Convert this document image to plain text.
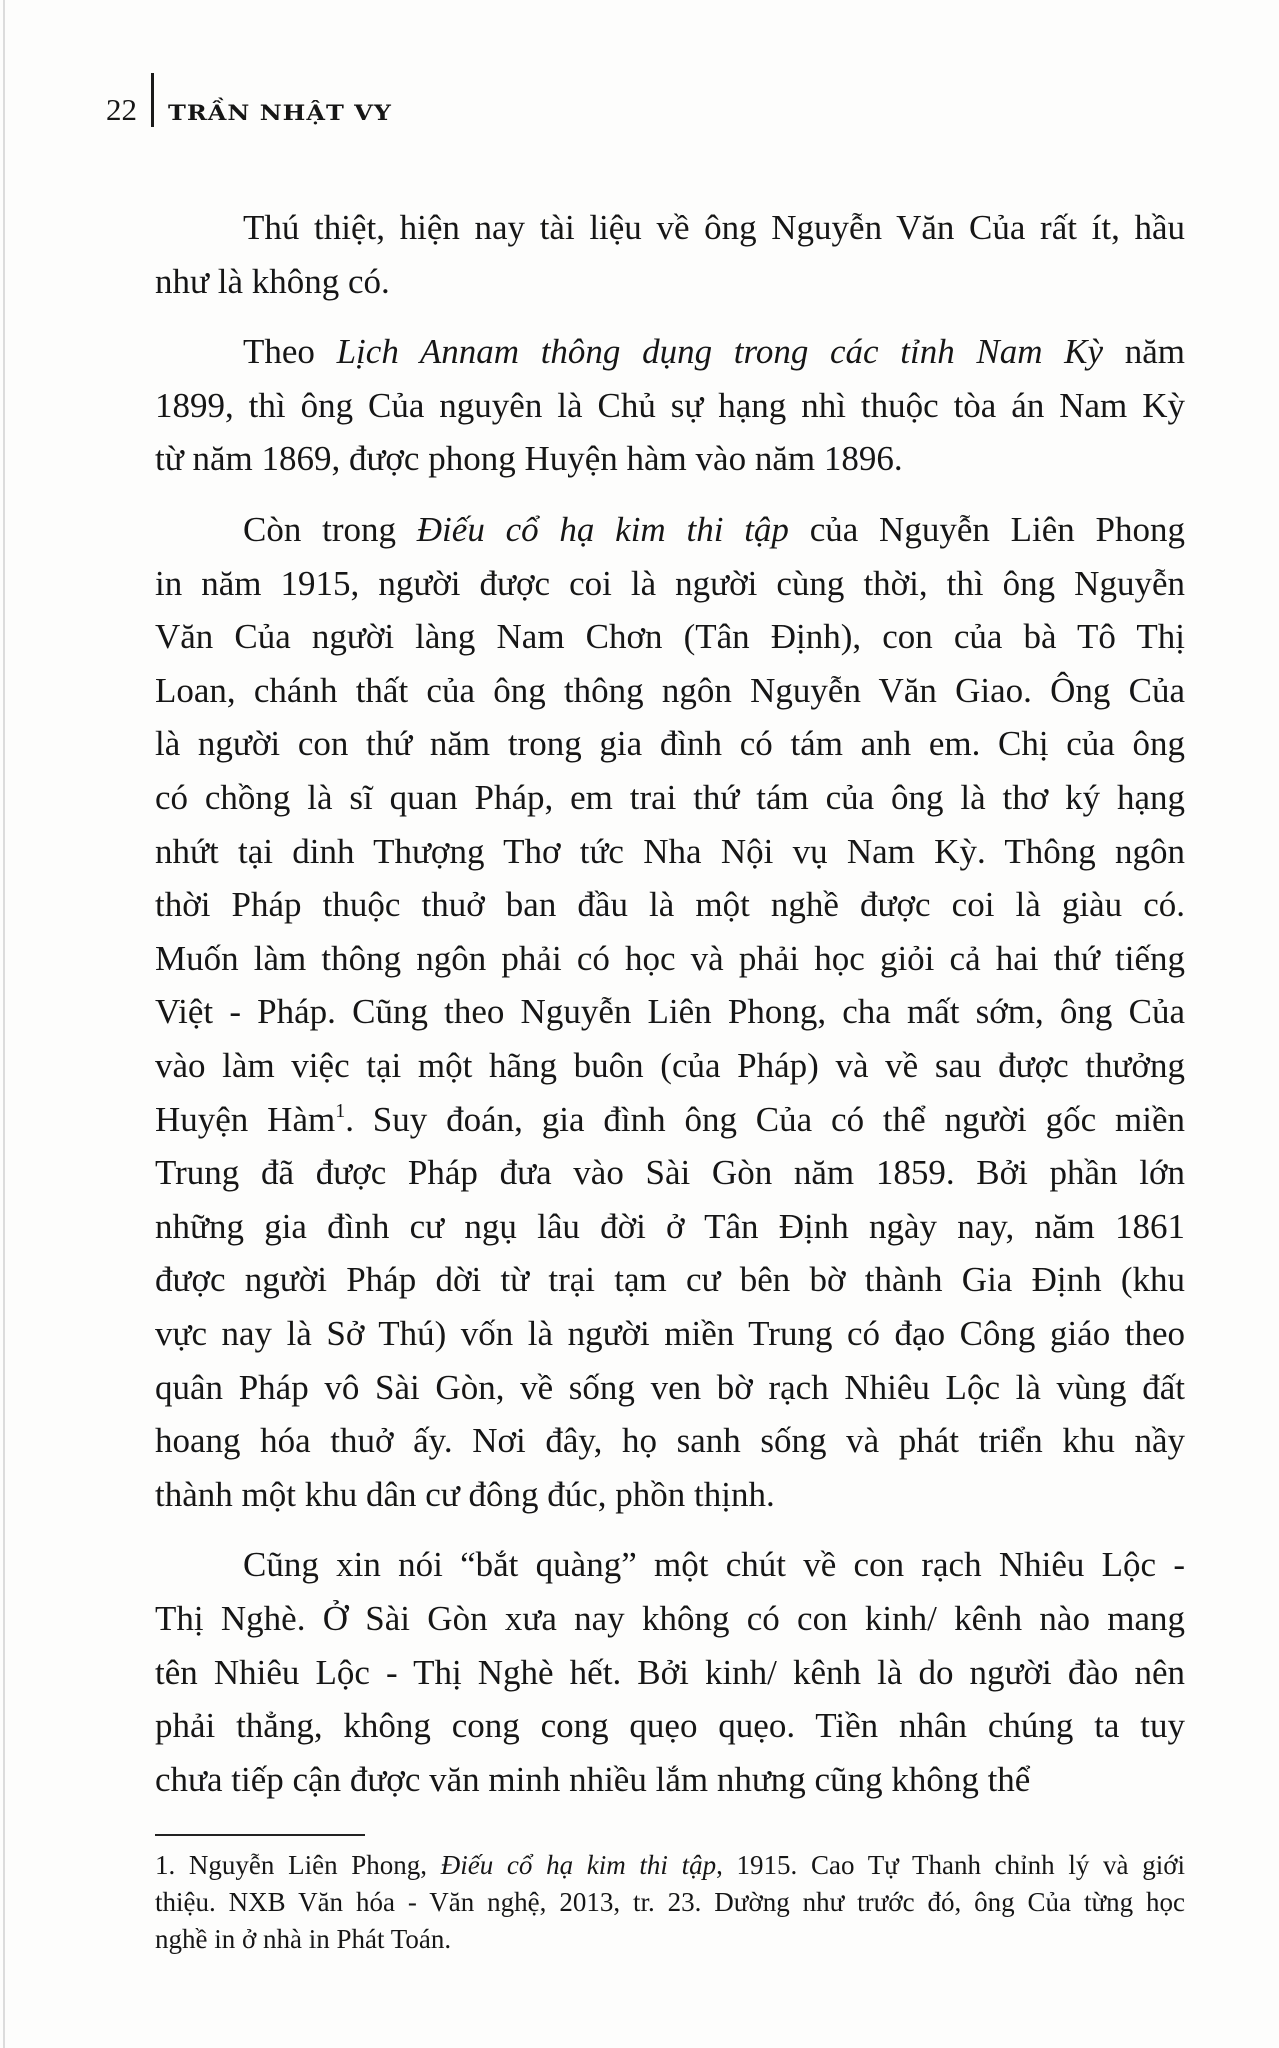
22 TRẦN NHẬT VY
Thú thiệt, hiện nay tài liệu về ông Nguyễn Văn Của rất ít, hầu
như là không có.
Theo Lịch Annam thông dụng trong các tỉnh Nam Kỳ năm
1899, thì ông Của nguyên là Chủ sự hạng nhì thuộc tòa án Nam Kỳ
từ năm 1869, được phong Huyện hàm vào năm 1896.
Còn trong Điếu cổ hạ kim thi tập của Nguyễn Liên Phong
in năm 1915, người được coi là người cùng thời, thì ông Nguyễn
Văn Của người làng Nam Chơn (Tân Định), con của bà Tô Thị
Loan, chánh thất của ông thông ngôn Nguyễn Văn Giao. Ông Của
là người con thứ năm trong gia đình có tám anh em. Chị của ông
có chồng là sĩ quan Pháp, em trai thứ tám của ông là thơ ký hạng
nhứt tại dinh Thượng Thơ tức Nha Nội vụ Nam Kỳ. Thông ngôn
thời Pháp thuộc thuở ban đầu là một nghề được coi là giàu có.
Muốn làm thông ngôn phải có học và phải học giỏi cả hai thứ tiếng
Việt - Pháp. Cũng theo Nguyễn Liên Phong, cha mất sớm, ông Của
vào làm việc tại một hãng buôn (của Pháp) và về sau được thưởng
Huyện Hàm$^1$. Suy đoán, gia đình ông Của có thể người gốc miền
Trung đã được Pháp đưa vào Sài Gòn năm 1859. Bởi phần lớn
những gia đình cư ngụ lâu đời ở Tân Định ngày nay, năm 1861
được người Pháp dời từ trại tạm cư bên bờ thành Gia Định (khu
vực nay là Sở Thú) vốn là người miền Trung có đạo Công giáo theo
quân Pháp vô Sài Gòn, về sống ven bờ rạch Nhiêu Lộc là vùng đất
hoang hóa thuở ấy. Nơi đây, họ sanh sống và phát triển khu nầy
thành một khu dân cư đông đúc, phồn thịnh.
Cũng xin nói “bắt quàng” một chút về con rạch Nhiêu Lộc -
Thị Nghè. Ở Sài Gòn xưa nay không có con kinh/ kênh nào mang
tên Nhiêu Lộc - Thị Nghè hết. Bởi kinh/ kênh là do người đào nên
phải thẳng, không cong cong quẹo quẹo. Tiền nhân chúng ta tuy
chưa tiếp cận được văn minh nhiều lắm nhưng cũng không thể
1. Nguyễn Liên Phong, Điếu cổ hạ kim thi tập, 1915. Cao Tự Thanh chỉnh lý và giới
thiệu. NXB Văn hóa - Văn nghệ, 2013, tr. 23. Dường như trước đó, ông Của từng học
nghề in ở nhà in Phát Toán.
